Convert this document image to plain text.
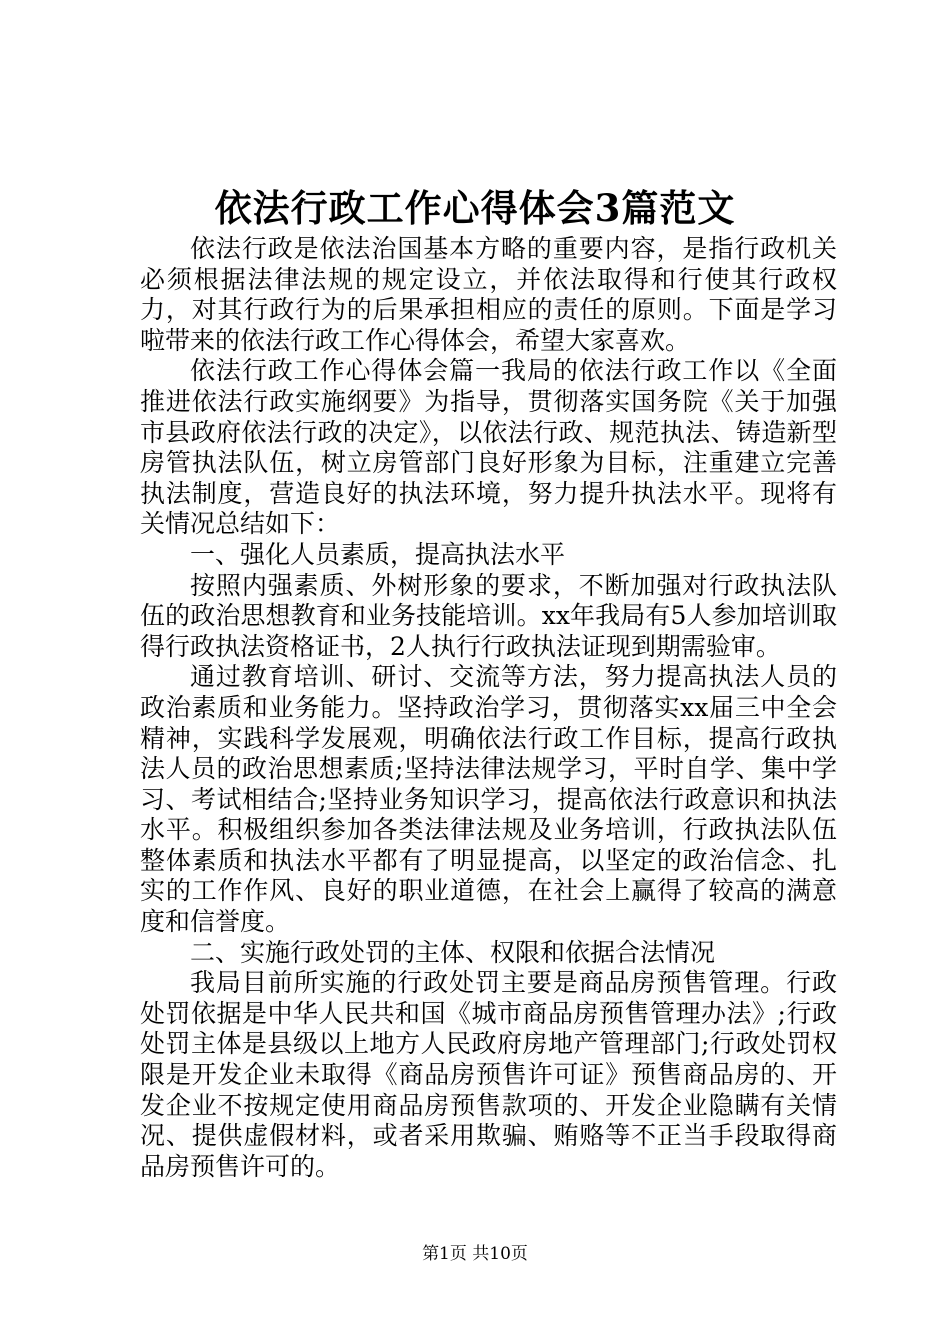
依法行政工作心得体会3篇范文

依法行政是依法治国基本方略的重要内容，是指行政机关必须根据法律法规的规定设立，并依法取得和行使其行政权力，对其行政行为的后果承担相应的责任的原则。下面是学习啦带来的依法行政工作心得体会，希望大家喜欢。

依法行政工作心得体会篇一我局的依法行政工作以《全面推进依法行政实施纲要》为指导，贯彻落实国务院《关于加强市县政府依法行政的决定》，以依法行政、规范执法、铸造新型房管执法队伍，树立房管部门良好形象为目标，注重建立完善执法制度，营造良好的执法环境，努力提升执法水平。现将有关情况总结如下：

一、强化人员素质，提高执法水平

按照内强素质、外树形象的要求，不断加强对行政执法队伍的政治思想教育和业务技能培训。xx年我局有5人参加培训取得行政执法资格证书，2人执行行政执法证现到期需验审。

通过教育培训、研讨、交流等方法，努力提高执法人员的政治素质和业务能力。坚持政治学习，贯彻落实xx届三中全会精神，实践科学发展观，明确依法行政工作目标，提高行政执法人员的政治思想素质;坚持法律法规学习，平时自学、集中学习、考试相结合;坚持业务知识学习，提高依法行政意识和执法水平。积极组织参加各类法律法规及业务培训，行政执法队伍整体素质和执法水平都有了明显提高，以坚定的政治信念、扎实的工作作风、良好的职业道德，在社会上赢得了较高的满意度和信誉度。

二、实施行政处罚的主体、权限和依据合法情况

我局目前所实施的行政处罚主要是商品房预售管理。行政处罚依据是中华人民共和国《城市商品房预售管理办法》;行政处罚主体是县级以上地方人民政府房地产管理部门;行政处罚权限是开发企业未取得《商品房预售许可证》预售商品房的、开发企业不按规定使用商品房预售款项的、开发企业隐瞒有关情况、提供虚假材料，或者采用欺骗、贿赂等不正当手段取得商品房预售许可的。

第1页 共10页
